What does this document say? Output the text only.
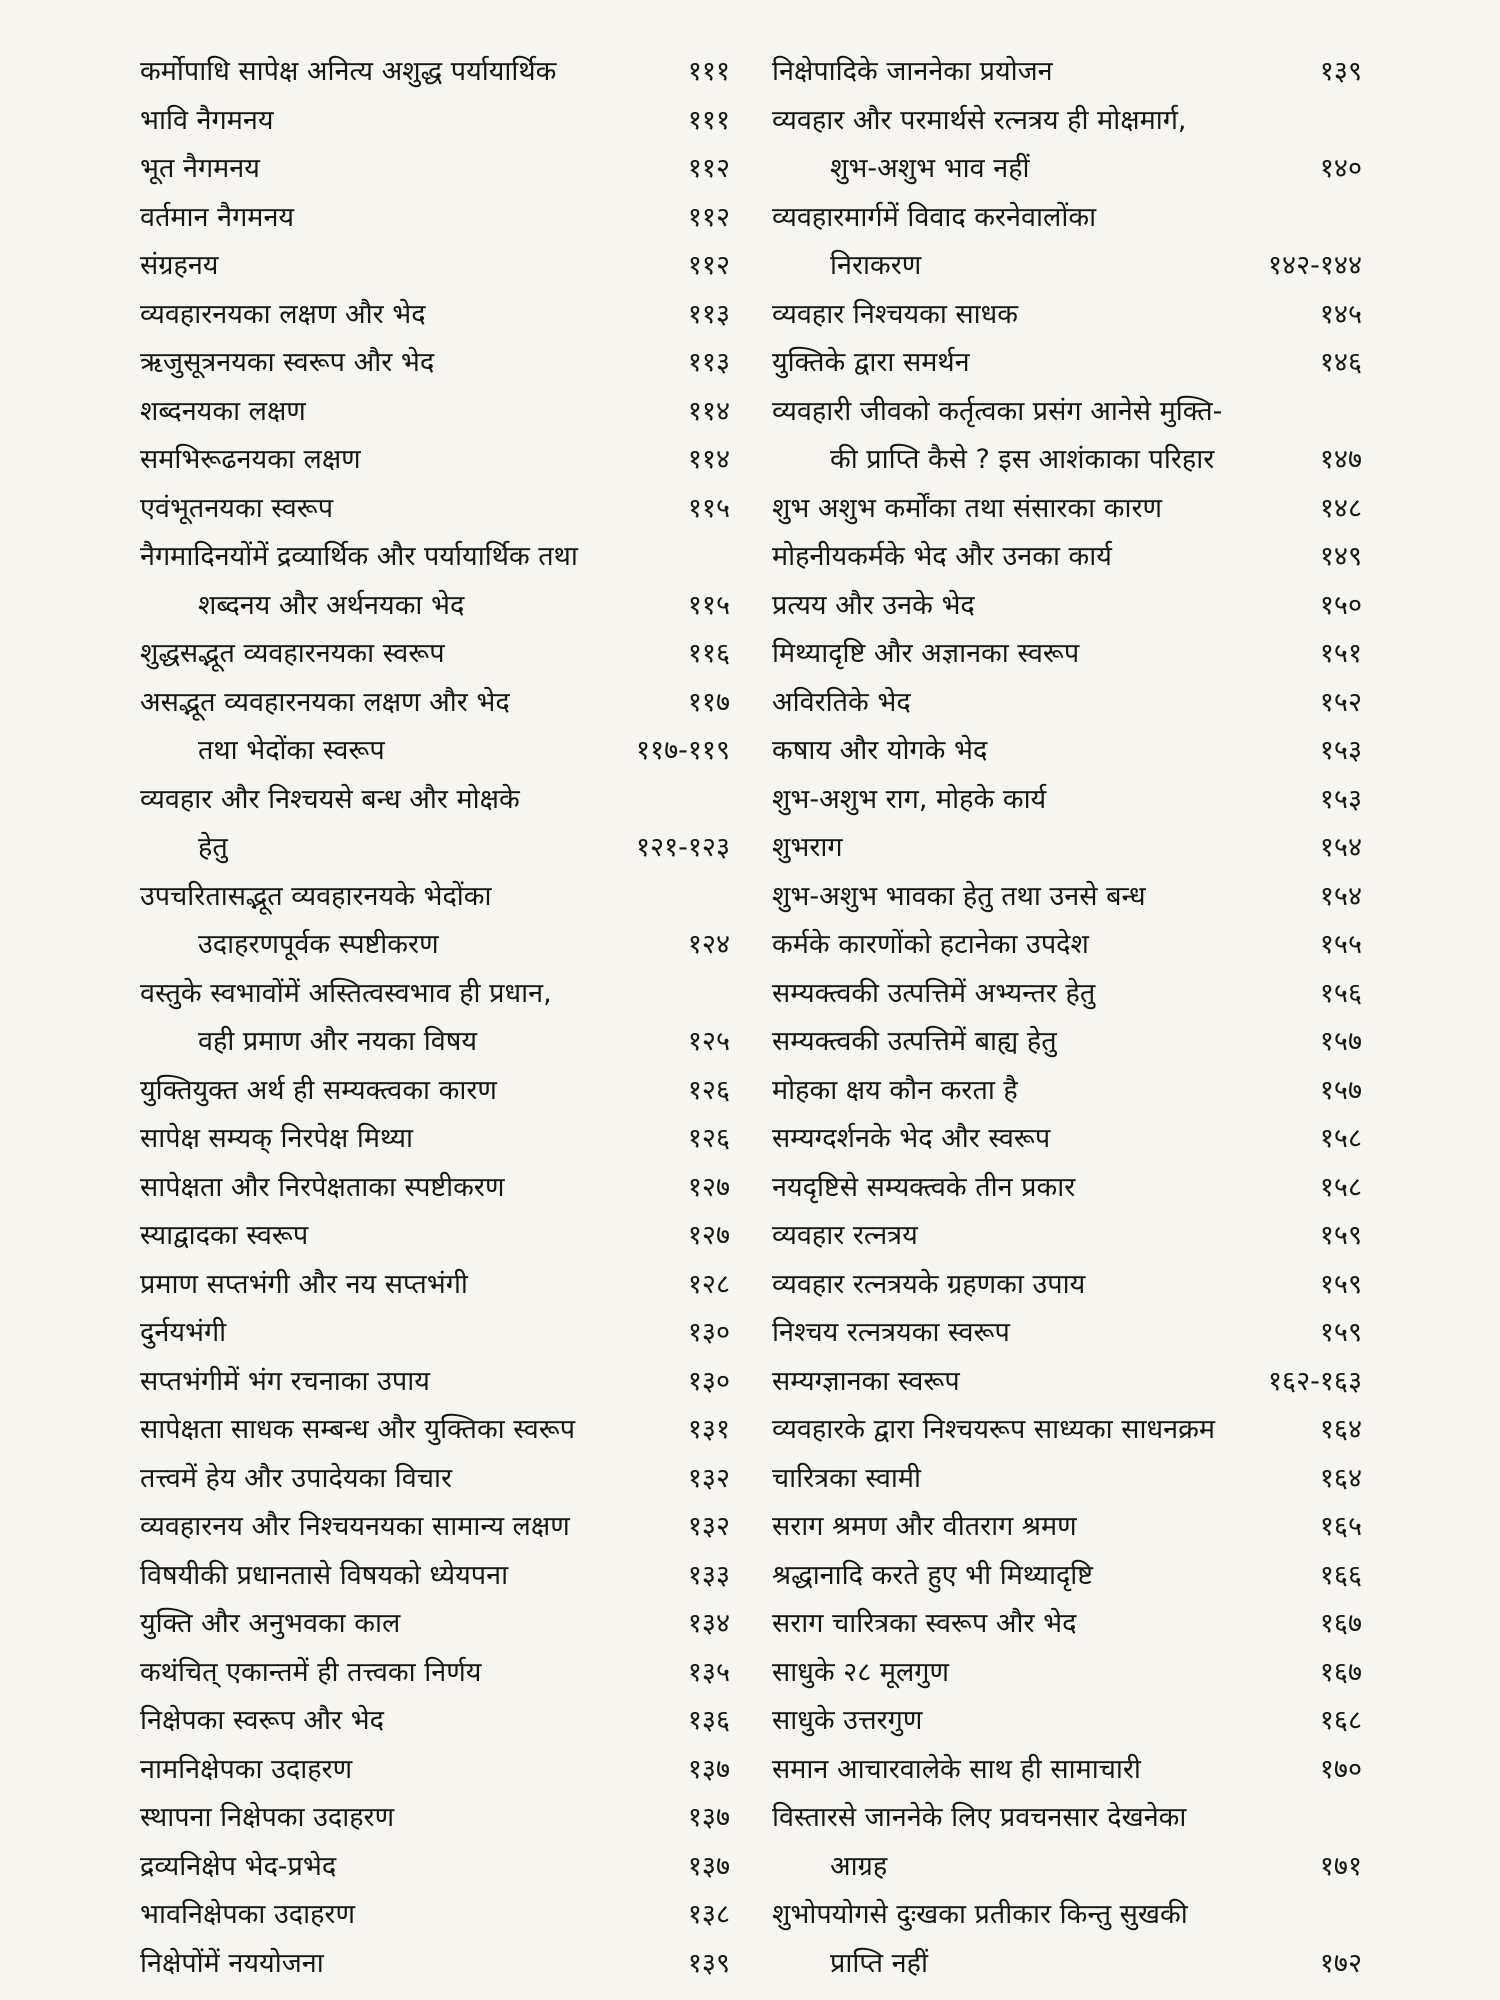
कर्मोपाधि सापेक्ष अनित्य अशुद्ध पर्यायार्थिक	१११
भावि नैगमनय	१११
भूत नैगमनय	११२
वर्तमान नैगमनय	११२
संग्रहनय	११२
व्यवहारनयका लक्षण और भेद	११३
ऋजुसूत्रनयका स्वरूप और भेद	११३
शब्दनयका लक्षण	११४
समभिरूढनयका लक्षण	११४
एवंभूतनयका स्वरूप	११५
नैगमादिनयोंमें द्रव्यार्थिक और पर्यायार्थिक तथा
शब्दनय और अर्थनयका भेद	११५
शुद्धसद्भूत व्यवहारनयका स्वरूप	११६
असद्भूत व्यवहारनयका लक्षण और भेद	११७
तथा भेदोंका स्वरूप	११७-११९
व्यवहार और निश्चयसे बन्ध और मोक्षके
हेतु	१२१-१२३
उपचरितासद्भूत व्यवहारनयके भेदोंका
उदाहरणपूर्वक स्पष्टीकरण	१२४
वस्तुके स्वभावोंमें अस्तित्वस्वभाव ही प्रधान,
वही प्रमाण और नयका विषय	१२५
युक्तियुक्त अर्थ ही सम्यक्त्वका कारण	१२६
सापेक्ष सम्यक् निरपेक्ष मिथ्या	१२६
सापेक्षता और निरपेक्षताका स्पष्टीकरण	१२७
स्याद्वादका स्वरूप	१२७
प्रमाण सप्तभंगी और नय सप्तभंगी	१२८
दुर्नयभंगी	१३०
सप्तभंगीमें भंग रचनाका उपाय	१३०
सापेक्षता साधक सम्बन्ध और युक्तिका स्वरूप	१३१
तत्त्वमें हेय और उपादेयका विचार	१३२
व्यवहारनय और निश्चयनयका सामान्य लक्षण	१३२
विषयीकी प्रधानतासे विषयको ध्येयपना	१३३
युक्ति और अनुभवका काल	१३४
कथंचित् एकान्तमें ही तत्त्वका निर्णय	१३५
निक्षेपका स्वरूप और भेद	१३६
नामनिक्षेपका उदाहरण	१३७
स्थापना निक्षेपका उदाहरण	१३७
द्रव्यनिक्षेप भेद-प्रभेद	१३७
भावनिक्षेपका उदाहरण	१३८
निक्षेपोंमें नययोजना	१३९
निक्षेपादिके जाननेका प्रयोजन	१३९
व्यवहार और परमार्थसे रत्नत्रय ही मोक्षमार्ग,
शुभ-अशुभ भाव नहीं	१४०
व्यवहारमार्गमें विवाद करनेवालोंका
निराकरण	१४२-१४४
व्यवहार निश्चयका साधक	१४५
युक्तिके द्वारा समर्थन	१४६
व्यवहारी जीवको कर्तृत्वका प्रसंग आनेसे मुक्ति-
की प्राप्ति कैसे ? इस आशंकाका परिहार	१४७
शुभ अशुभ कर्मोंका तथा संसारका कारण	१४८
मोहनीयकर्मके भेद और उनका कार्य	१४९
प्रत्यय और उनके भेद	१५०
मिथ्यादृष्टि और अज्ञानका स्वरूप	१५१
अविरतिके भेद	१५२
कषाय और योगके भेद	१५३
शुभ-अशुभ राग, मोहके कार्य	१५३
शुभराग	१५४
शुभ-अशुभ भावका हेतु तथा उनसे बन्ध	१५४
कर्मके कारणोंको हटानेका उपदेश	१५५
सम्यक्त्वकी उत्पत्तिमें अभ्यन्तर हेतु	१५६
सम्यक्त्वकी उत्पत्तिमें बाह्य हेतु	१५७
मोहका क्षय कौन करता है	१५७
सम्यग्दर्शनके भेद और स्वरूप	१५८
नयदृष्टिसे सम्यक्त्वके तीन प्रकार	१५८
व्यवहार रत्नत्रय	१५९
व्यवहार रत्नत्रयके ग्रहणका उपाय	१५९
निश्चय रत्नत्रयका स्वरूप	१५९
सम्यग्ज्ञानका स्वरूप	१६२-१६३
व्यवहारके द्वारा निश्चयरूप साध्यका साधनक्रम	१६४
चारित्रका स्वामी	१६४
सराग श्रमण और वीतराग श्रमण	१६५
श्रद्धानादि करते हुए भी मिथ्यादृष्टि	१६६
सराग चारित्रका स्वरूप और भेद	१६७
साधुके २८ मूलगुण	१६७
साधुके उत्तरगुण	१६८
समान आचारवालेके साथ ही सामाचारी	१७०
विस्तारसे जाननेके लिए प्रवचनसार देखनेका
आग्रह	१७१
शुभोपयोगसे दुःखका प्रतीकार किन्तु सुखकी
प्राप्ति नहीं	१७२
